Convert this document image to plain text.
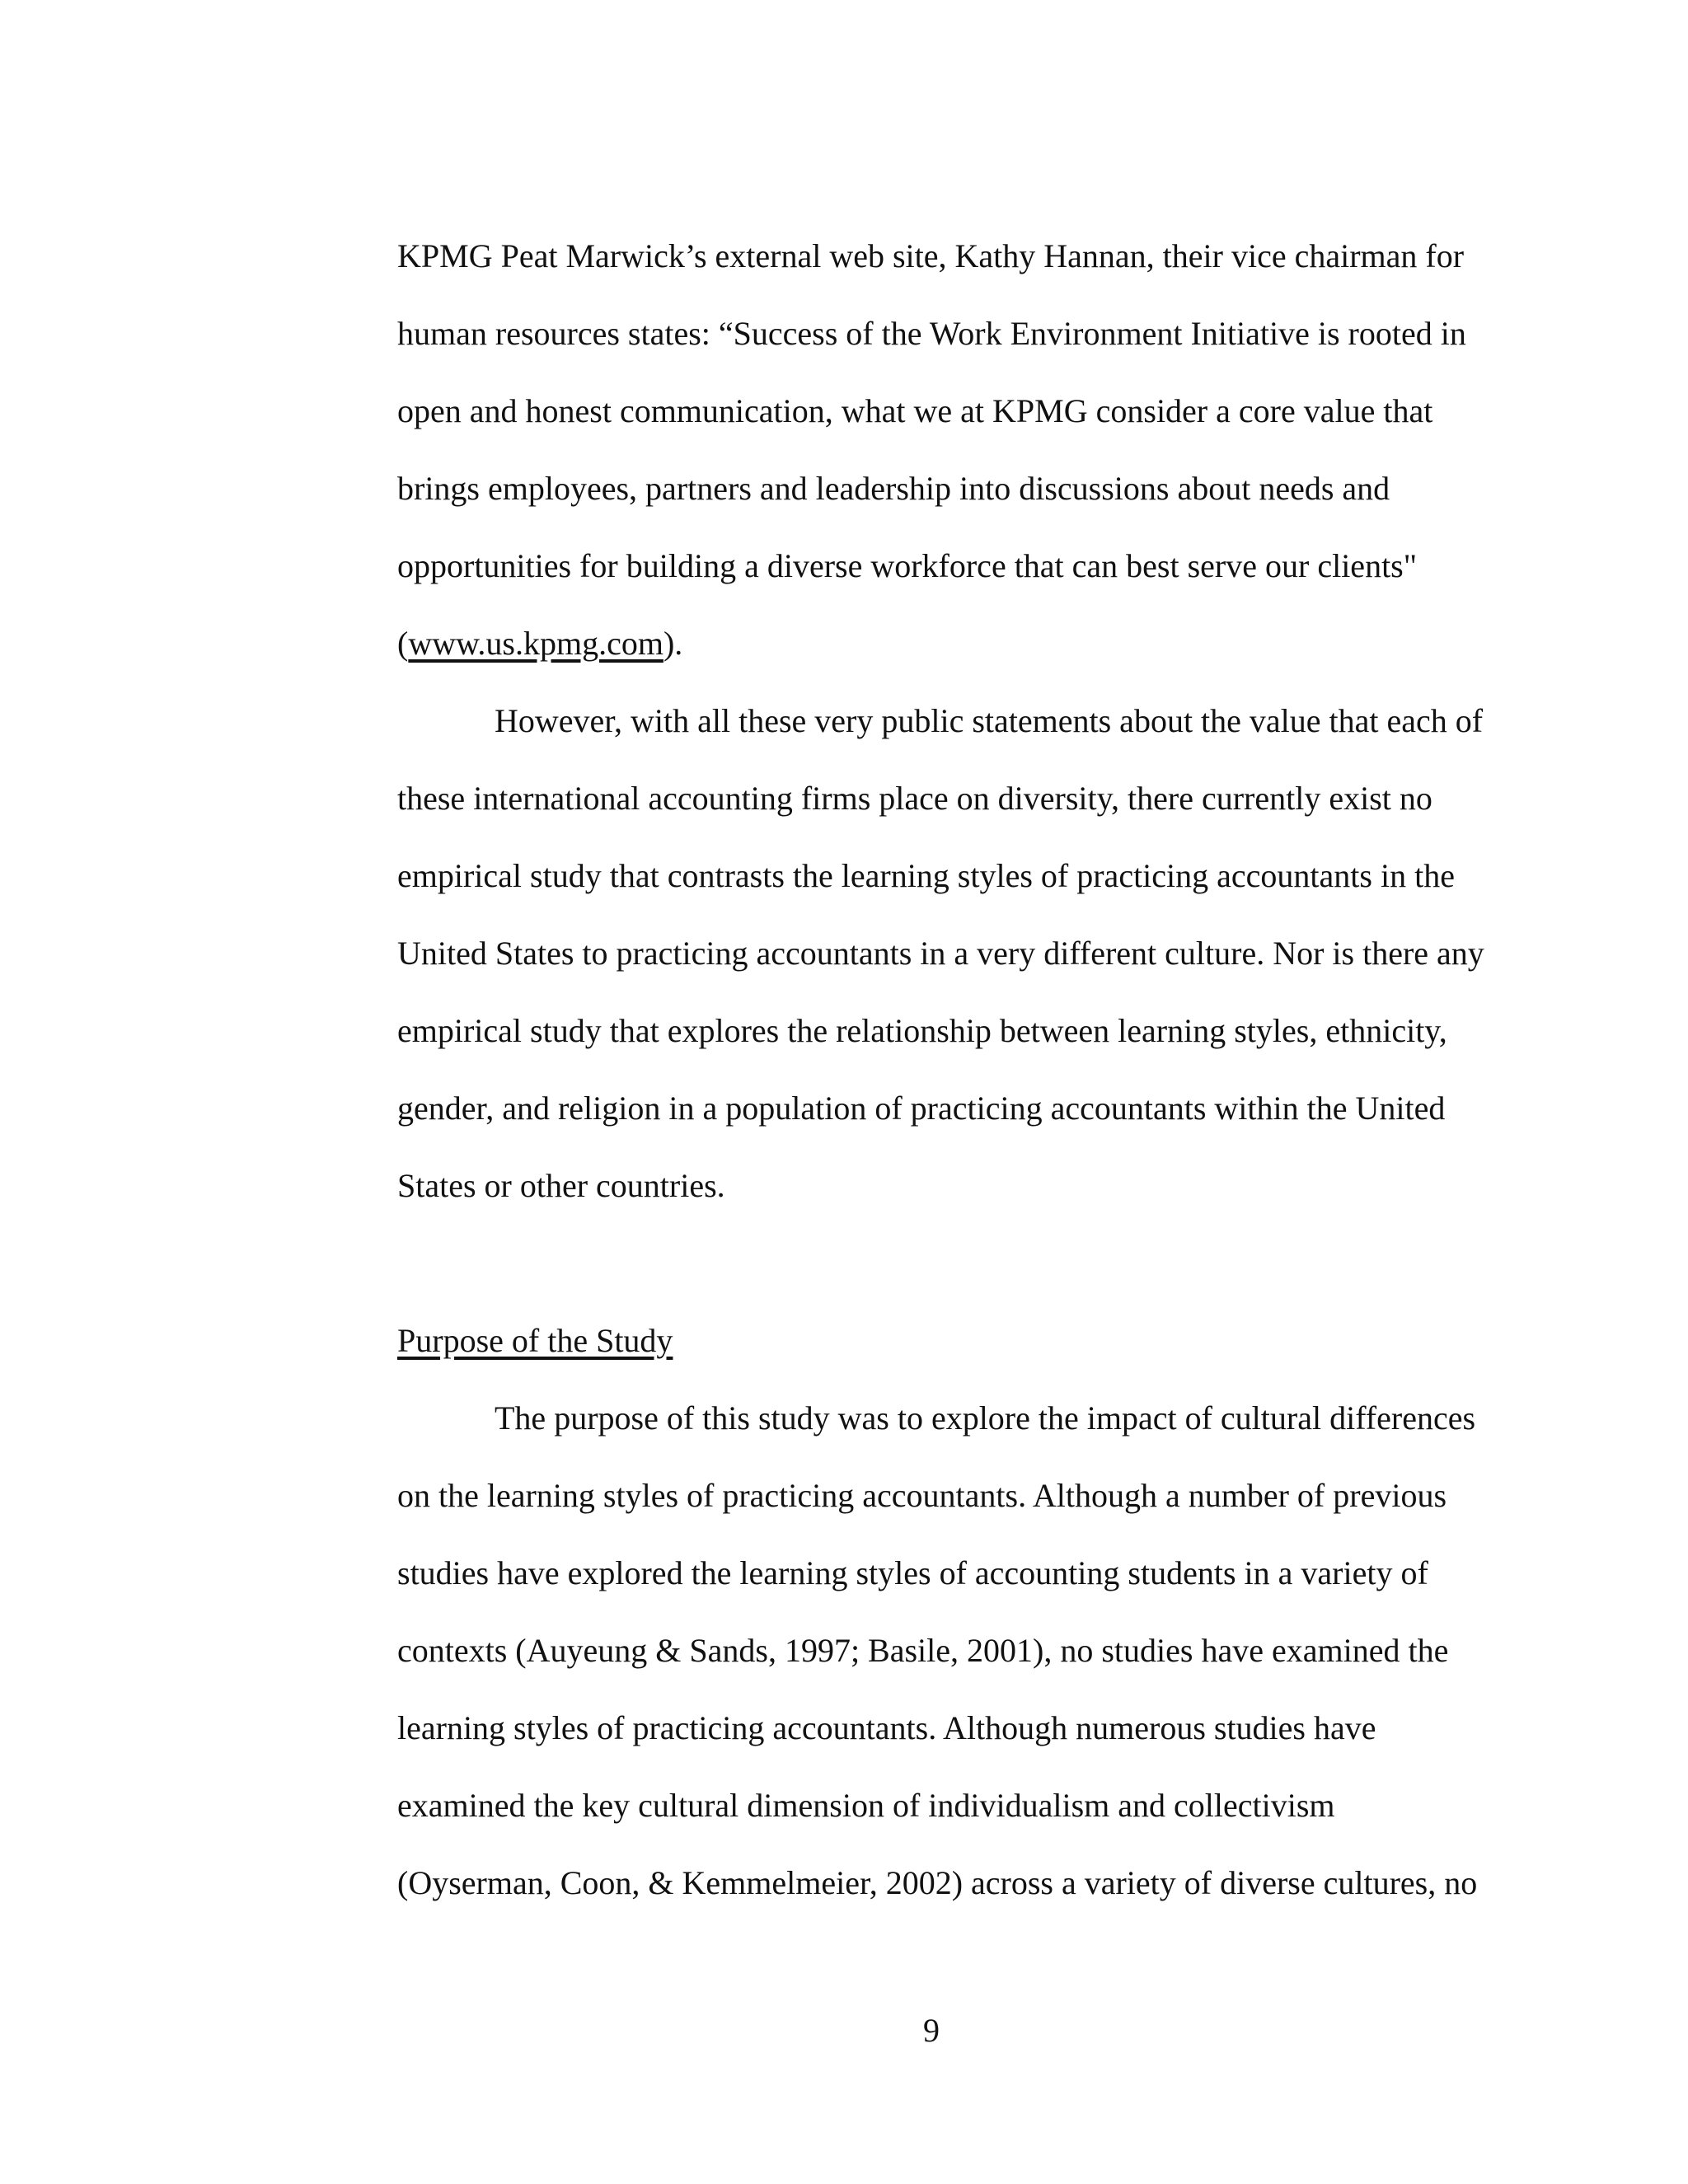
KPMG Peat Marwick’s external web site, Kathy Hannan, their vice chairman for human resources states: “Success of the Work Environment Initiative is rooted in open and honest communication, what we at KPMG consider a core value that brings employees, partners and leadership into discussions about needs and opportunities for building a diverse workforce that can best serve our clients" (www.us.kpmg.com).

However, with all these very public statements about the value that each of these international accounting firms place on diversity, there currently exist no empirical study that contrasts the learning styles of practicing accountants in the United States to practicing accountants in a very different culture. Nor is there any empirical study that explores the relationship between learning styles, ethnicity, gender, and religion in a population of practicing accountants within the United States or other countries.

Purpose of the Study

The purpose of this study was to explore the impact of cultural differences on the learning styles of practicing accountants. Although a number of previous studies have explored the learning styles of accounting students in a variety of contexts (Auyeung & Sands, 1997; Basile, 2001), no studies have examined the learning styles of practicing accountants. Although numerous studies have examined the key cultural dimension of individualism and collectivism (Oyserman, Coon, & Kemmelmeier, 2002) across a variety of diverse cultures, no

9
